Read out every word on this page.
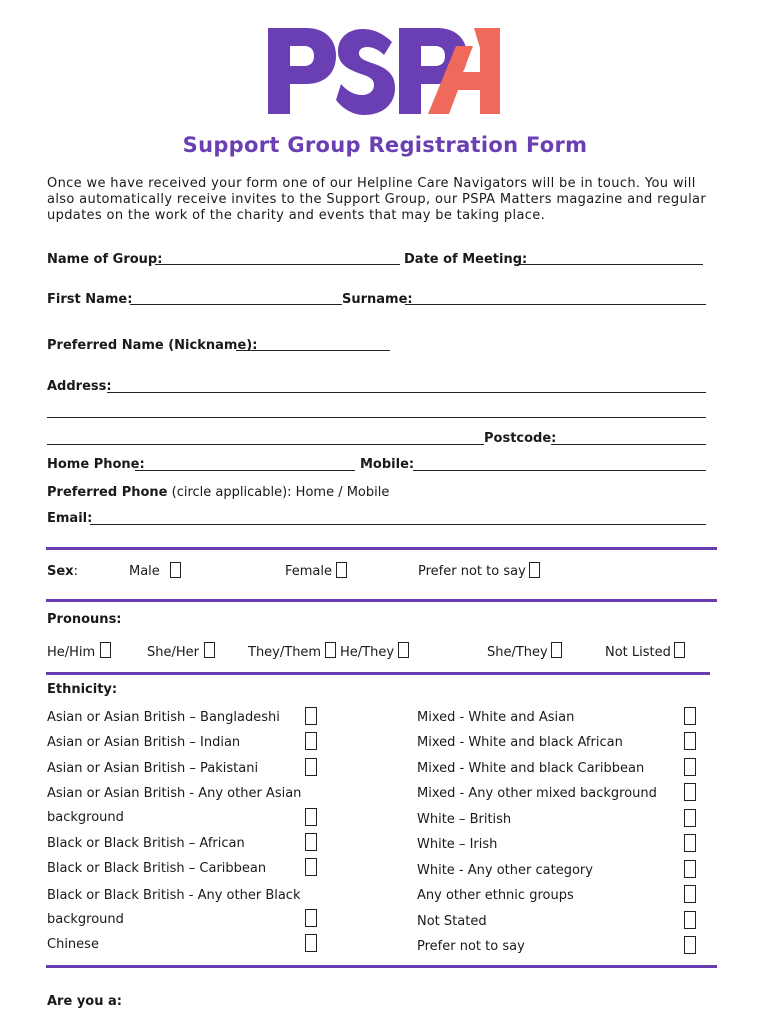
Support Group Registration Form
Once we have received your form one of our Helpline Care Navigators will be in touch. You will also automatically receive invites to the Support Group, our PSPA Matters magazine and regular updates on the work of the charity and events that may be taking place.
Name of Group:	Date of Meeting:
First Name:	Surname:
Preferred Name (Nickname):
Address:
Postcode:
Home Phone:	Mobile:
Preferred Phone (circle applicable): Home / Mobile
Email:
Sex:	Male	Female	Prefer not to say
Pronouns:
He/Him	She/Her	They/Them He/They	She/They	Not Listed
Ethnicity:
Asian or Asian British – Bangladeshi
Asian or Asian British – Indian
Asian or Asian British – Pakistani
Asian or Asian British - Any other Asian
background
Black or Black British – African
Black or Black British – Caribbean
Black or Black British - Any other Black
background
Chinese
Mixed - White and Asian
Mixed - White and black African
Mixed - White and black Caribbean
Mixed - Any other mixed background
White – British
White – Irish
White - Any other category
Any other ethnic groups
Not Stated
Prefer not to say
Are you a:
